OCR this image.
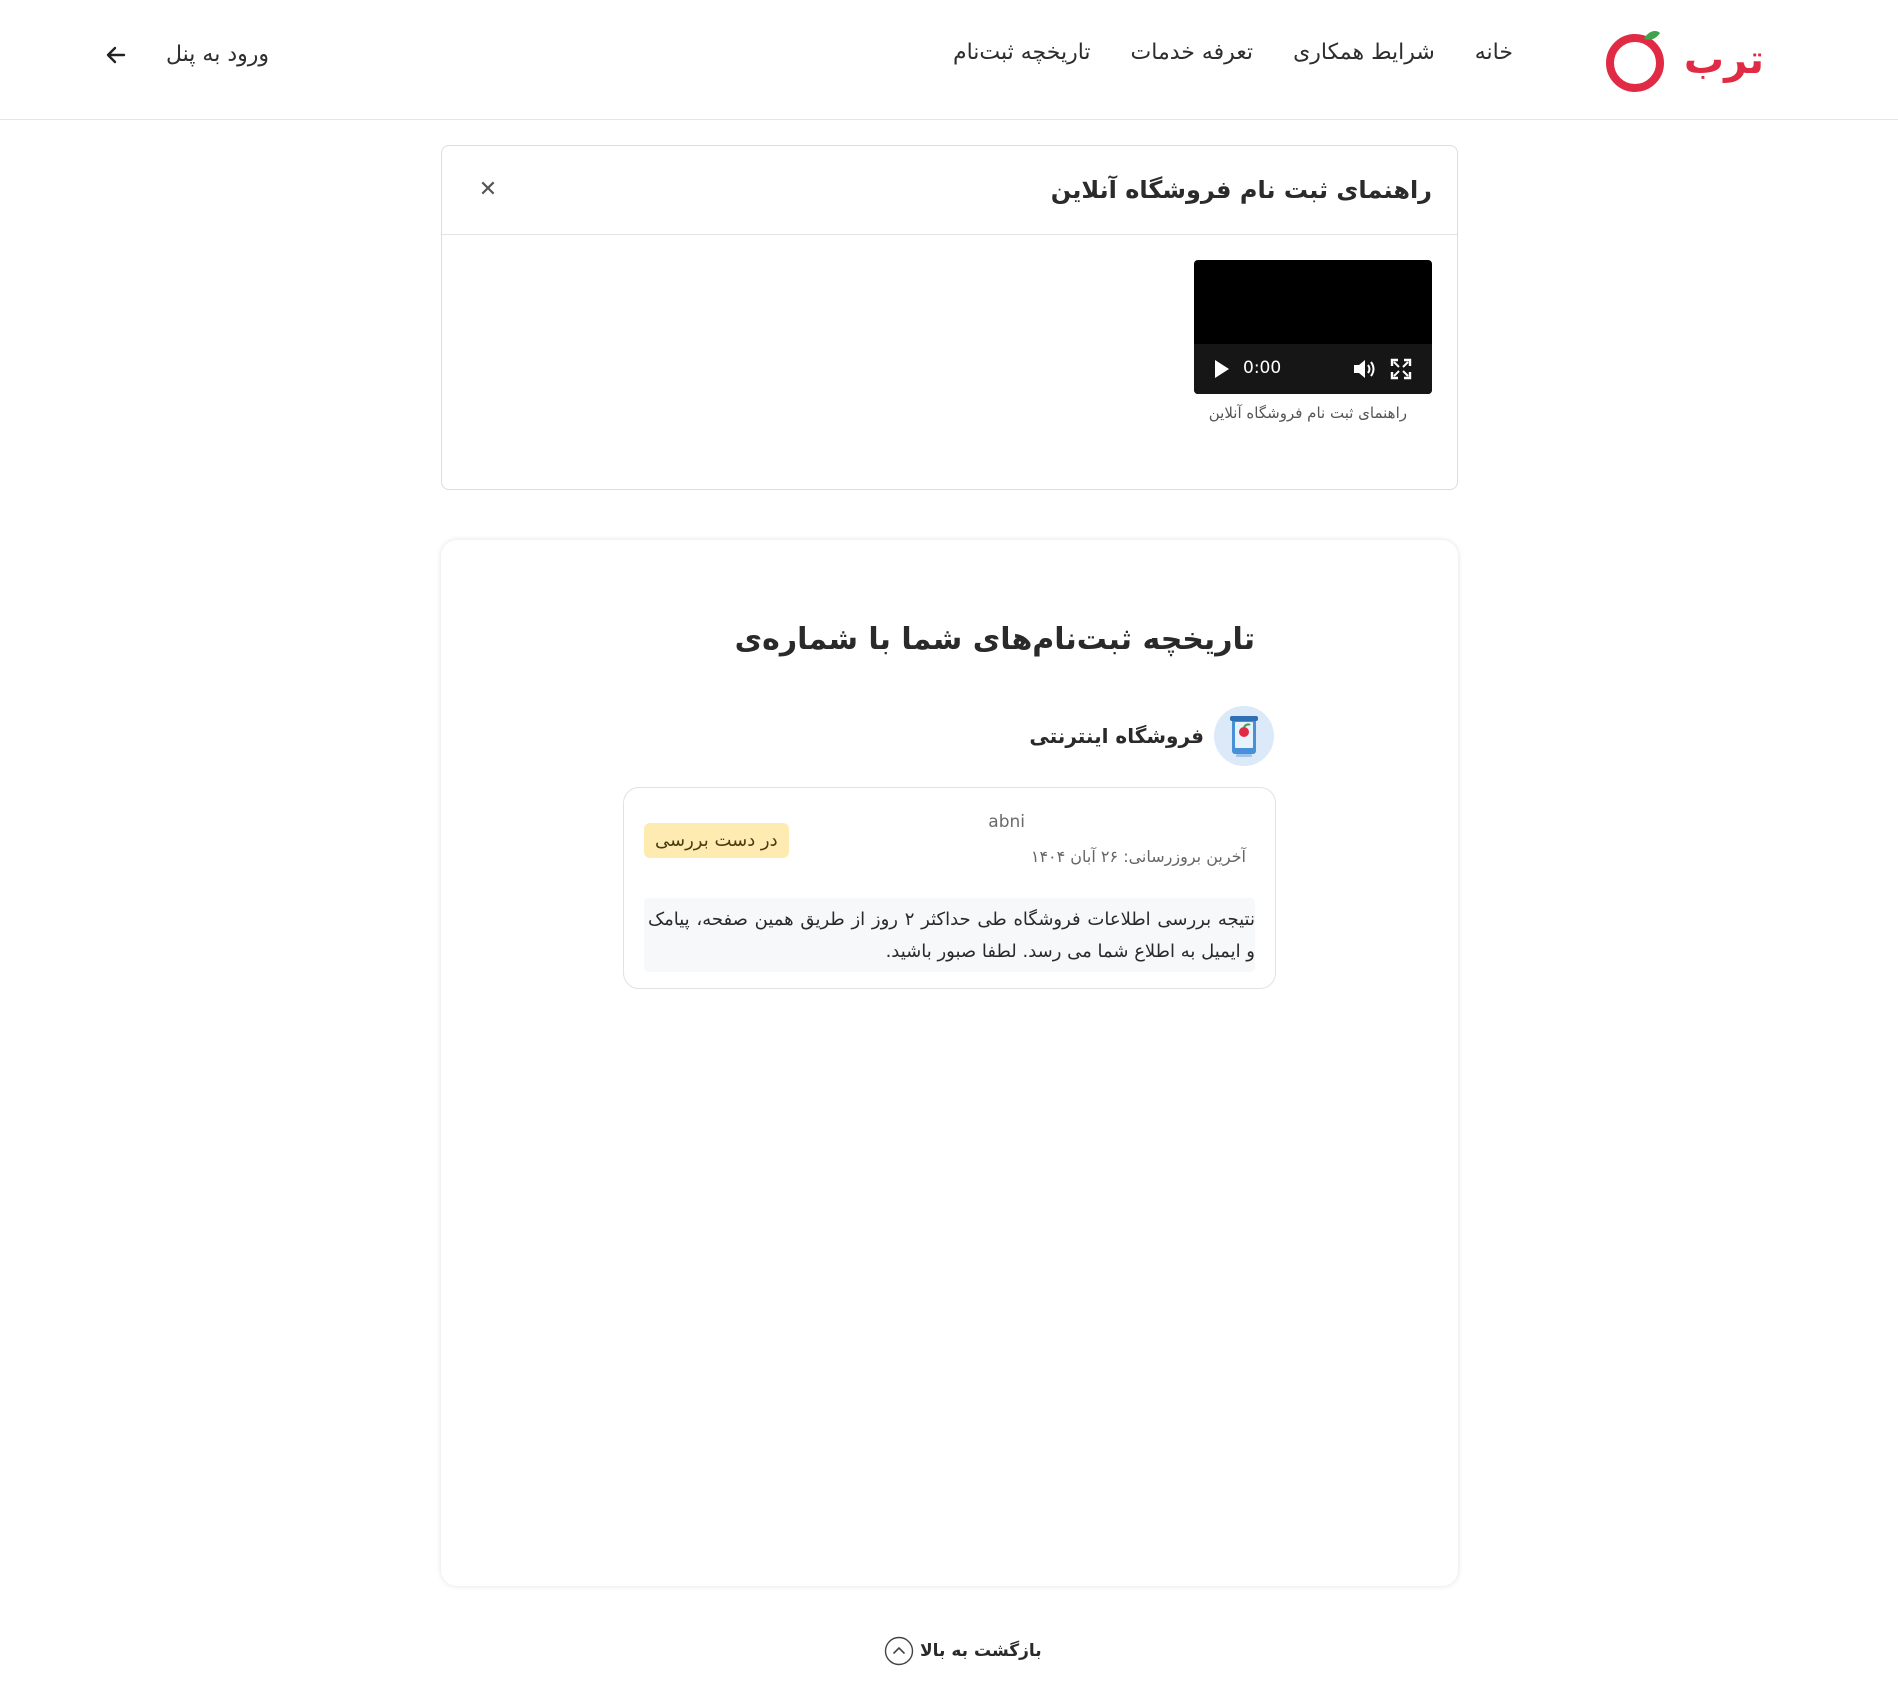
ترب
خانه
شرایط همکاری
تعرفه خدمات
تاریخچه ثبت‌نام
ورود به پنل
راهنمای ثبت نام فروشگاه آنلاین
✕
0:00

راهنمای ثبت نام فروشگاه آنلاین

تاریخچه ثبت‌نام‌های شما با شماره‌ی
فروشگاه اینترنتی
abni
آخرین بروزرسانی: ۲۶ آبان ۱۴۰۴
در دست بررسی

نتیجه بررسی اطلاعات فروشگاه طی حداکثر ۲ روز از طریق همین صفحه، پیامک و ایمیل به اطلاع شما می رسد. لطفا صبور باشید.

بازگشت به بالا
